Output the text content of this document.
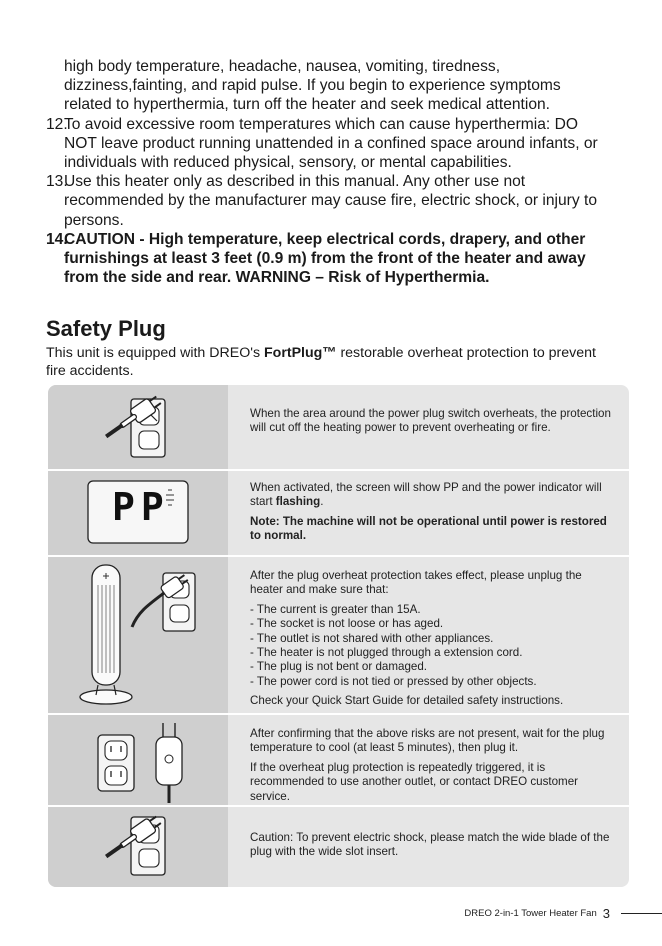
high body temperature, headache, nausea, vomiting, tiredness,

dizziness,fainting, and rapid pulse. If you begin to experience symptoms

related to hyperthermia, turn off the heater and seek medical attention.

12.
To avoid excessive room temperatures which can cause hyperthermia: DO NOT leave product running unattended in a confined space around infants, or individuals with reduced physical, sensory, or mental capabilities.
13.
Use this heater only as described in this manual. Any other use not recommended by the manufacturer may cause fire, electric shock, or injury to persons.
14.
CAUTION - High temperature, keep electrical cords, drapery, and other furnishings at least 3 feet (0.9 m) from the front of the heater and away from the side and rear. WARNING – Risk of Hyperthermia.
Safety Plug

This unit is equipped with DREO's FortPlug™ restorable overheat protection to prevent fire accidents.

When the area around the power plug switch overheats, the protection will cut off the heating power to prevent overheating or fire.

PP	When activated, the screen will show PP and the power indicator will start flashing.

Note: The machine will not be operational until power is restored to normal.

After the plug overheat protection takes effect, please unplug the heater and make sure that:

- The current is greater than 15A.

- The socket is not loose or has aged.

- The outlet is not shared with other appliances.

- The heater is not plugged through a extension cord.

- The plug is not bent or damaged.

- The power cord is not tied or pressed by other objects.

Check your Quick Start Guide for detailed safety instructions.

After confirming that the above risks are not present, wait for the plug temperature to cool (at least 5 minutes), then plug it.

If the overheat plug protection is repeatedly triggered, it is recommended to use another outlet, or contact DREO customer service.

Caution: To prevent electric shock, please match the wide blade of the plug with the wide slot insert.

DREO 2-in-1 Tower Heater Fan 3
